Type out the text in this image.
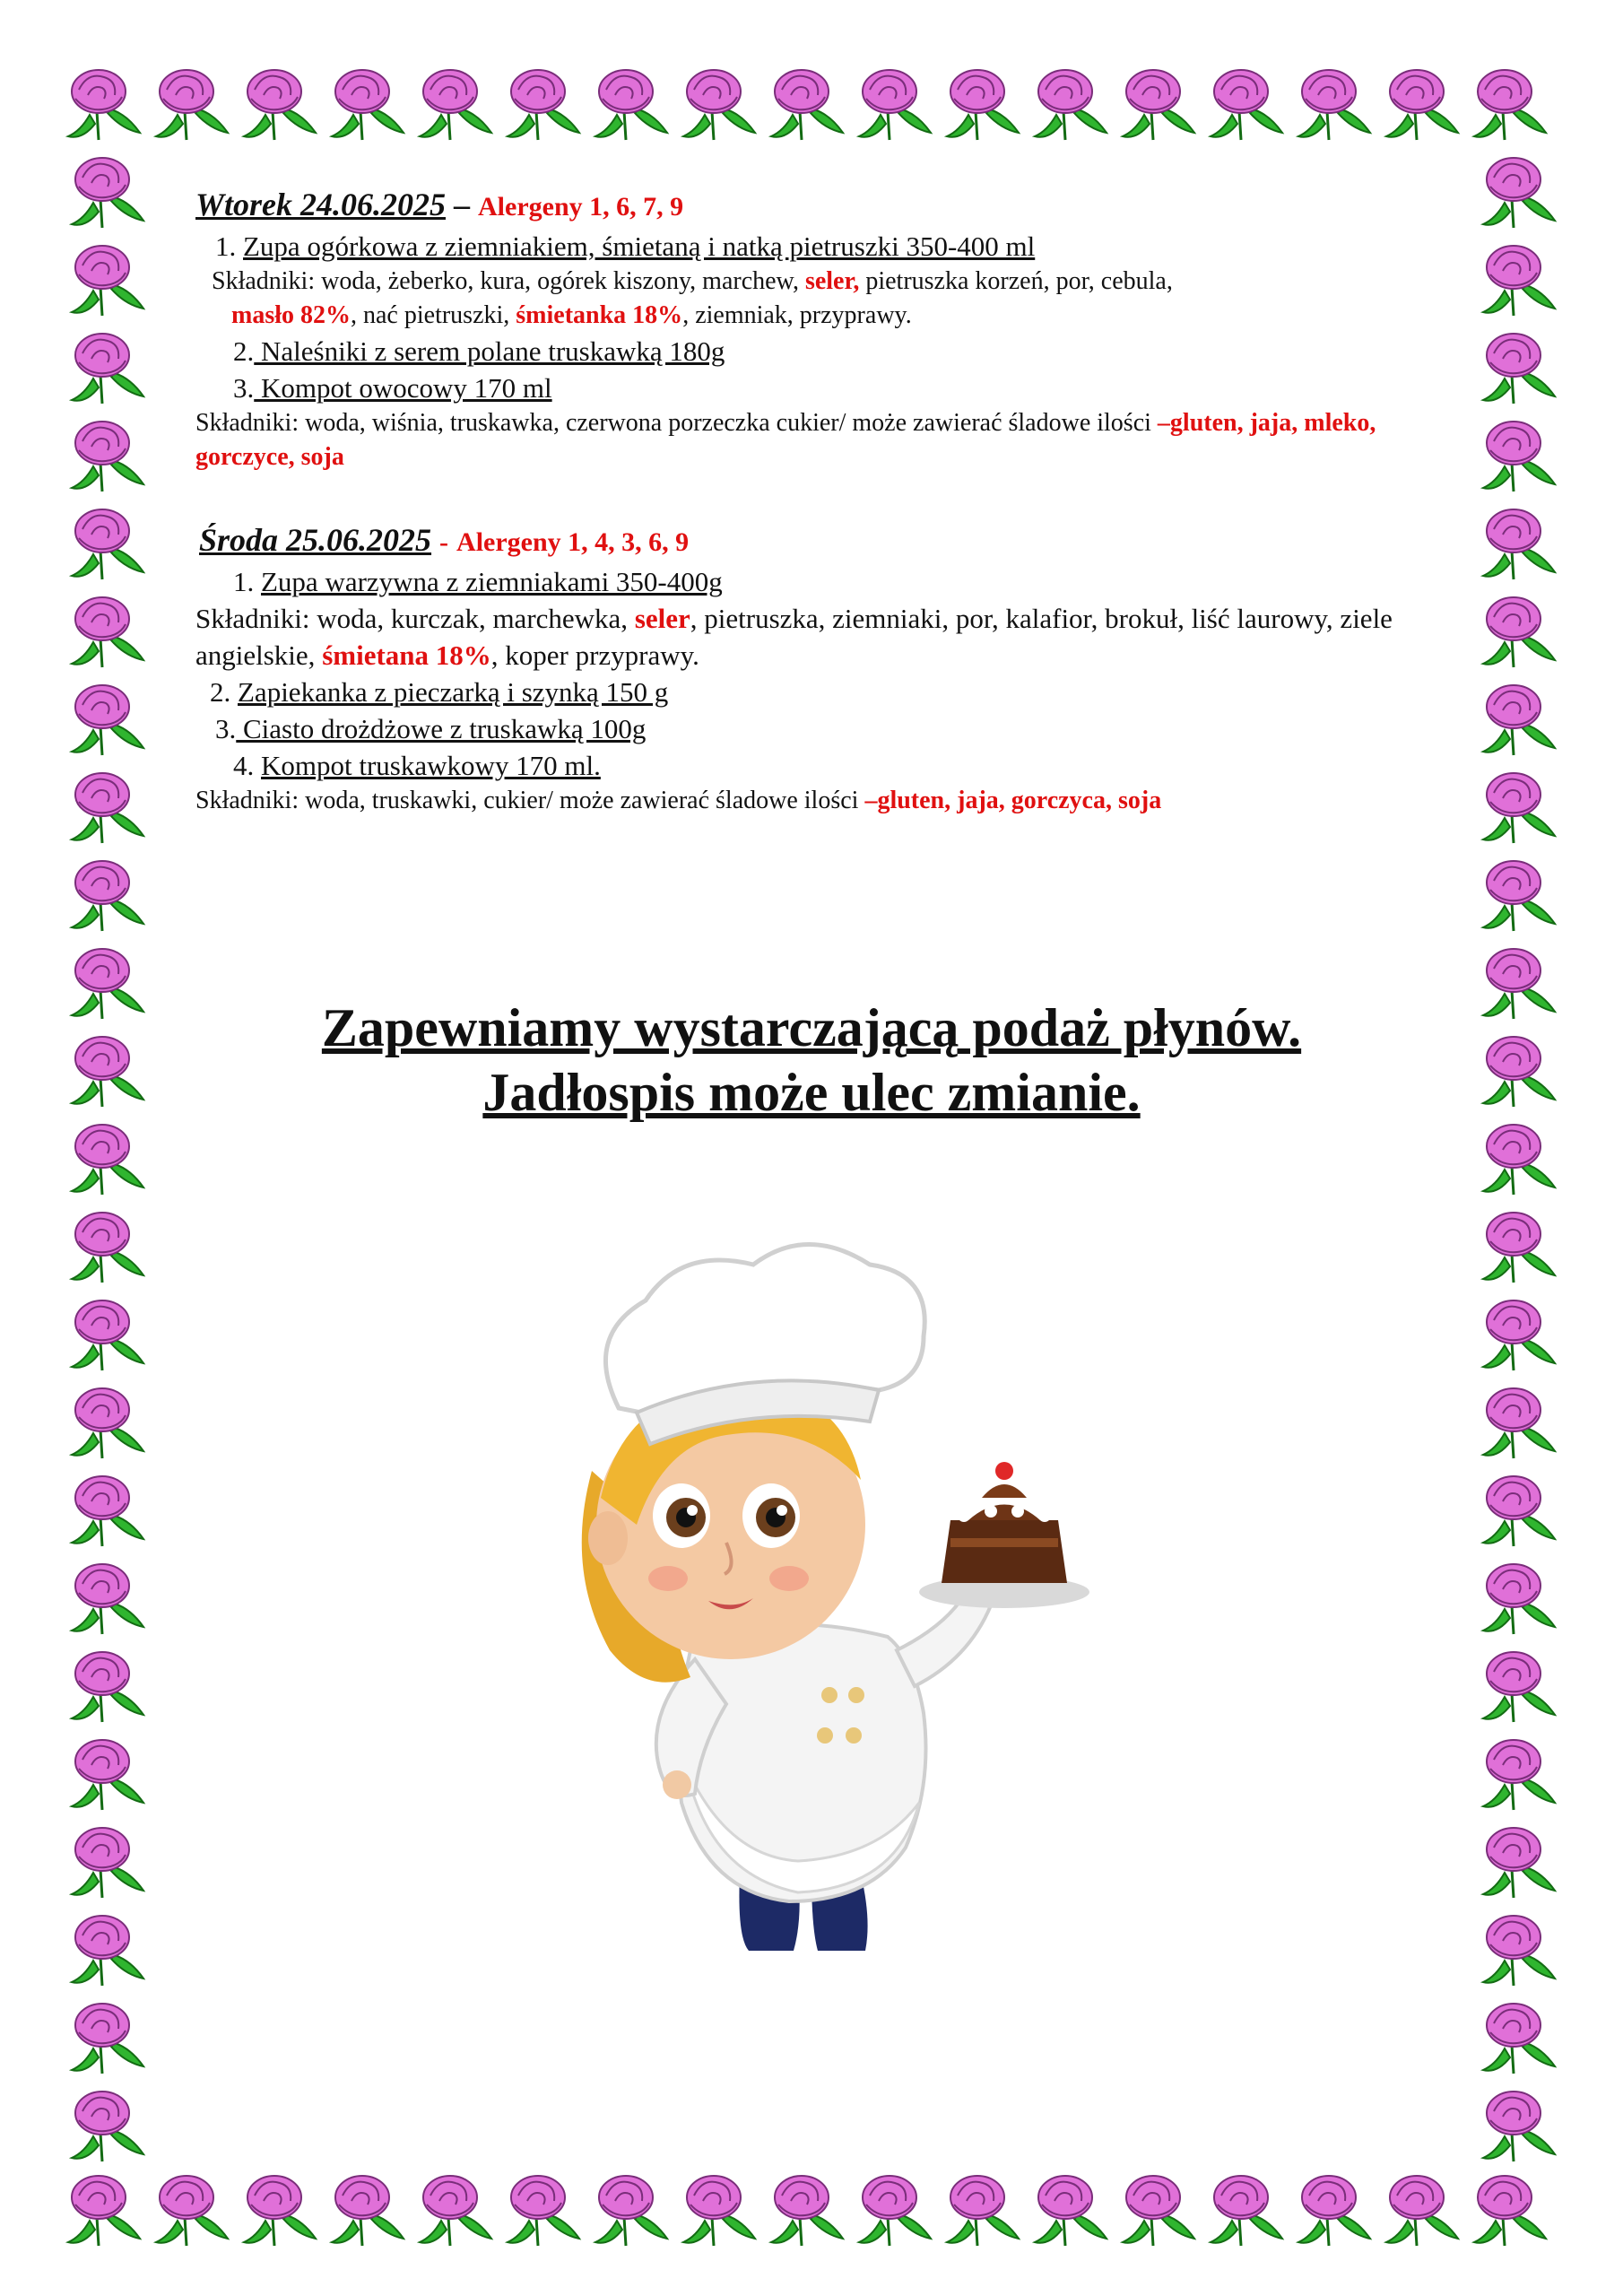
Wtorek 24.06.2025 – Alergeny 1, 6, 7, 9

1. Zupa ogórkowa z ziemniakiem, śmietaną i natką pietruszki 350-400 ml

Składniki: woda, żeberko, kura, ogórek kiszony, marchew, seler, pietruszka korzeń, por, cebula,
masło 82%, nać pietruszki, śmietanka 18%, ziemniak, przyprawy.

2. Naleśniki z serem polane truskawką 180g

3. Kompot owocowy 170 ml

Składniki: woda, wiśnia, truskawka, czerwona porzeczka cukier/ może zawierać śladowe ilości –gluten, jaja, mleko, gorczyce, soja

Środa 25.06.2025 - Alergeny 1, 4, 3, 6, 9

1. Zupa warzywna z ziemniakami 350-400g

Składniki: woda, kurczak, marchewka, seler, pietruszka, ziemniaki, por, kalafior, brokuł, liść laurowy, ziele angielskie, śmietana 18%, koper przyprawy.

2. Zapiekanka z pieczarką i szynką 150 g

3. Ciasto drożdżowe z truskawką 100g

4. Kompot truskawkowy 170 ml.

Składniki: woda, truskawki, cukier/ może zawierać śladowe ilości –gluten, jaja, gorczyca, soja

Zapewniamy wystarczającą podaż płynów.
Jadłospis może ulec zmianie.
